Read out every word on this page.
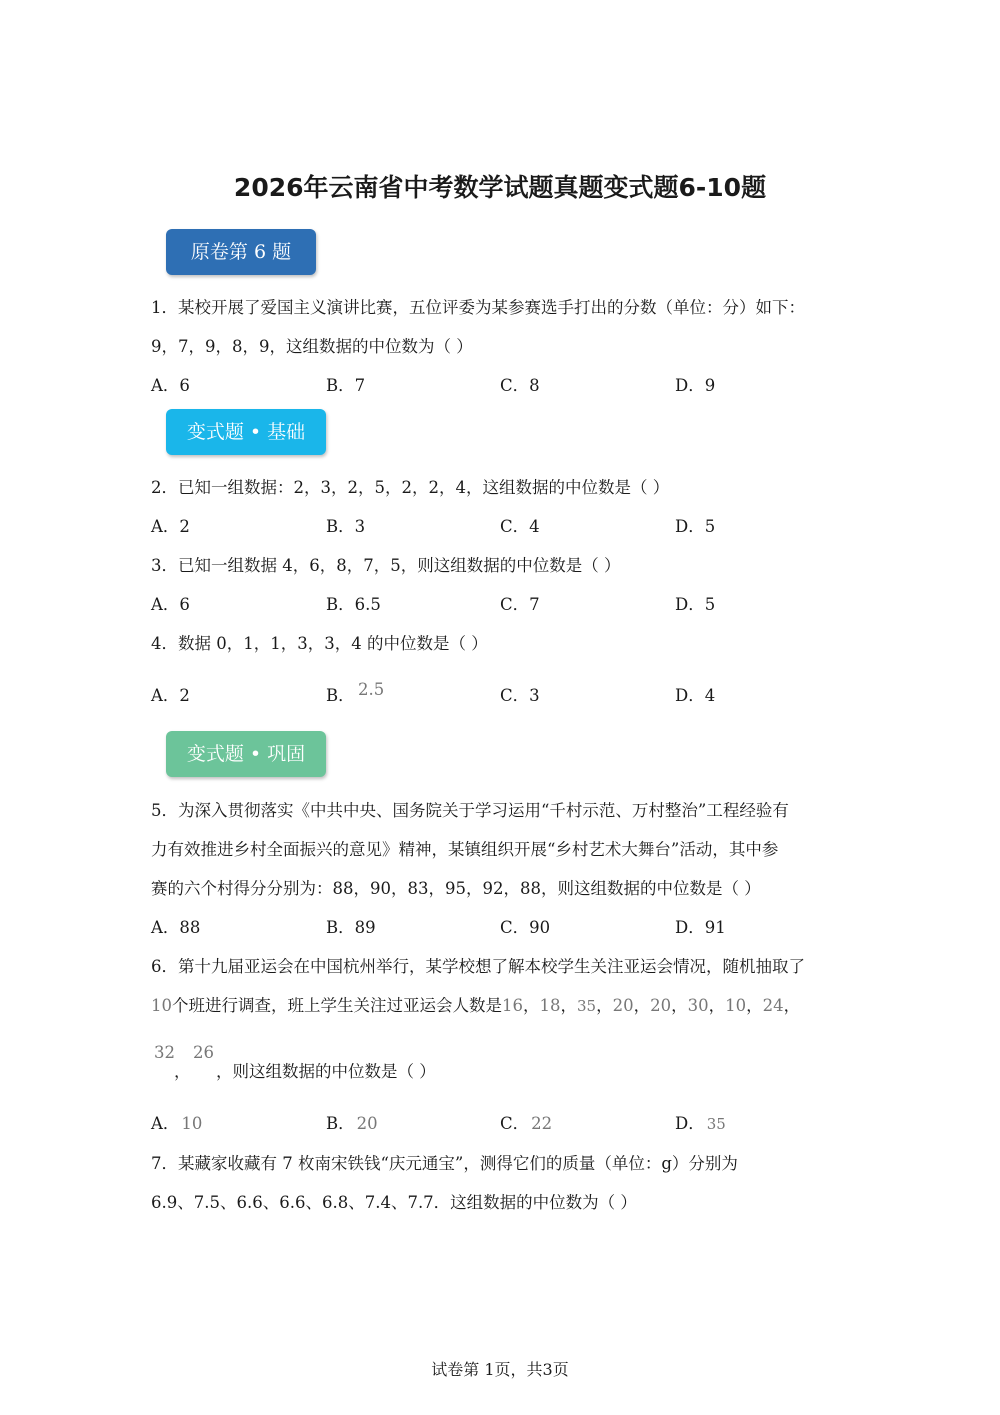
2026年云南省中考数学试题真题变式题6-10题
原卷第 6 题
1．某校开展了爱国主义演讲比赛，五位评委为某参赛选手打出的分数（单位：分）如下：
9，7，9，8，9，这组数据的中位数为（ ）
A．6	B．7	C．8	D．9
变式题 • 基础
2．已知一组数据：2，3，2，5，2，2，4，这组数据的中位数是（ ）
A．2	B．3	C．4	D．5
3．已知一组数据 4，6，8，7，5，则这组数据的中位数是（ ）
A．6	B．6.5	C．7	D．5
4．数据 0，1，1，3，3，4 的中位数是（ ）
A．2	B． 2.5	C．3	D．4
变式题 • 巩固
5．为深入贯彻落实《中共中央、国务院关于学习运用“千村示范、万村整治”工程经验有
力有效推进乡村全面振兴的意见》精神，某镇组织开展“乡村艺术大舞台”活动，其中参
赛的六个村得分分别为：88，90，83，95，92，88，则这组数据的中位数是（ ）
A．88	B．89	C．90	D．91
6．第十九届亚运会在中国杭州举行，某学校想了解本校学生关注亚运会情况，随机抽取了
10个班进行调查，班上学生关注过亚运会人数是16，18，35，20，20，30，10，24，
32 26
， ，则这组数据的中位数是（ ）
A． 10	B． 20	C． 22	D． 35
7．某藏家收藏有 7 枚南宋铁钱“庆元通宝”，测得它们的质量（单位：g）分别为
6.9、7.5、6.6、6.6、6.8、7.4、7.7．这组数据的中位数为（ ）
试卷第 1页，共3页
